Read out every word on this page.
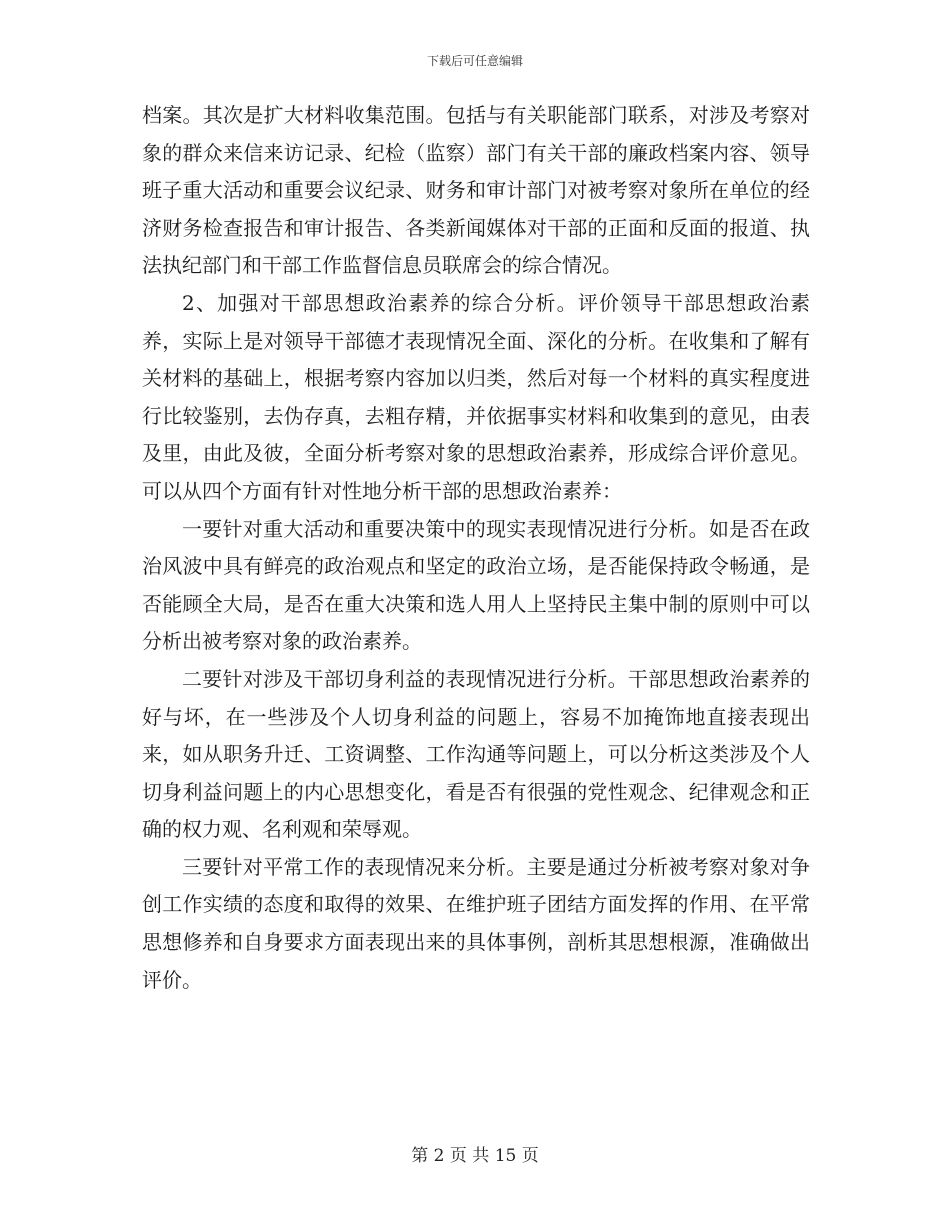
下载后可任意编辑

档案。其次是扩大材料收集范围。包括与有关职能部门联系，对涉及考察对象的群众来信来访记录、纪检（监察）部门有关干部的廉政档案内容、领导班子重大活动和重要会议纪录、财务和审计部门对被考察对象所在单位的经济财务检查报告和审计报告、各类新闻媒体对干部的正面和反面的报道、执法执纪部门和干部工作监督信息员联席会的综合情况。

2、加强对干部思想政治素养的综合分析。评价领导干部思想政治素养，实际上是对领导干部德才表现情况全面、深化的分析。在收集和了解有关材料的基础上，根据考察内容加以归类，然后对每一个材料的真实程度进行比较鉴别，去伪存真，去粗存精，并依据事实材料和收集到的意见，由表及里，由此及彼，全面分析考察对象的思想政治素养，形成综合评价意见。可以从四个方面有针对性地分析干部的思想政治素养：

一要针对重大活动和重要决策中的现实表现情况进行分析。如是否在政治风波中具有鲜亮的政治观点和坚定的政治立场，是否能保持政令畅通，是否能顾全大局，是否在重大决策和选人用人上坚持民主集中制的原则中可以分析出被考察对象的政治素养。

二要针对涉及干部切身利益的表现情况进行分析。干部思想政治素养的好与坏，在一些涉及个人切身利益的问题上，容易不加掩饰地直接表现出来，如从职务升迁、工资调整、工作沟通等问题上，可以分析这类涉及个人切身利益问题上的内心思想变化，看是否有很强的党性观念、纪律观念和正确的权力观、名利观和荣辱观。

三要针对平常工作的表现情况来分析。主要是通过分析被考察对象对争创工作实绩的态度和取得的效果、在维护班子团结方面发挥的作用、在平常思想修养和自身要求方面表现出来的具体事例，剖析其思想根源，准确做出评价。

第 2 页 共 15 页
